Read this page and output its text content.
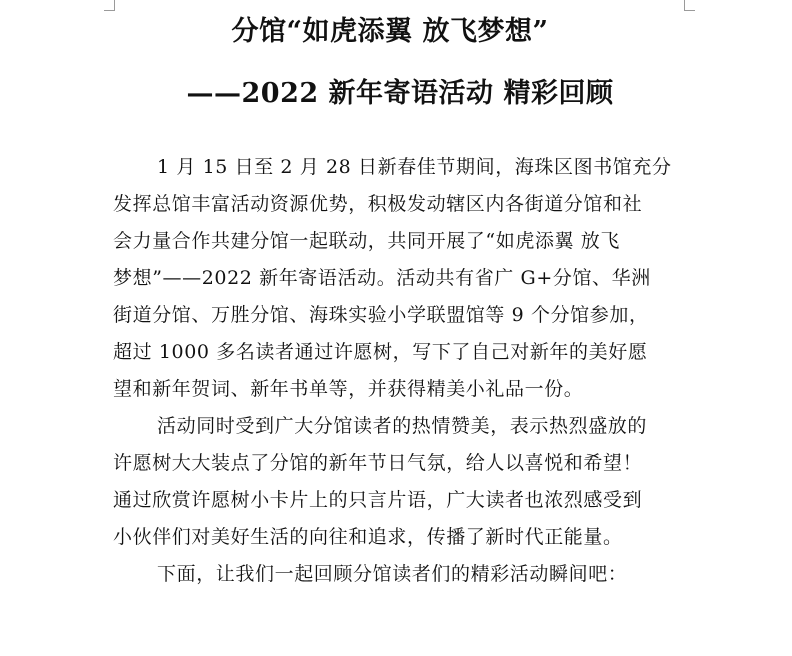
分馆“如虎添翼 放飞梦想”
——2022 新年寄语活动 精彩回顾
1 月 15 日至 2 月 28 日新春佳节期间，海珠区图书馆充分
发挥总馆丰富活动资源优势，积极发动辖区内各街道分馆和社
会力量合作共建分馆一起联动，共同开展了“如虎添翼 放飞
梦想”——2022 新年寄语活动。活动共有省广 G+分馆、华洲
街道分馆、万胜分馆、海珠实验小学联盟馆等 9 个分馆参加，
超过 1000 多名读者通过许愿树，写下了自己对新年的美好愿
望和新年贺词、新年书单等，并获得精美小礼品一份。
活动同时受到广大分馆读者的热情赞美，表示热烈盛放的
许愿树大大装点了分馆的新年节日气氛，给人以喜悦和希望！
通过欣赏许愿树小卡片上的只言片语，广大读者也浓烈感受到
小伙伴们对美好生活的向往和追求，传播了新时代正能量。
下面，让我们一起回顾分馆读者们的精彩活动瞬间吧：
